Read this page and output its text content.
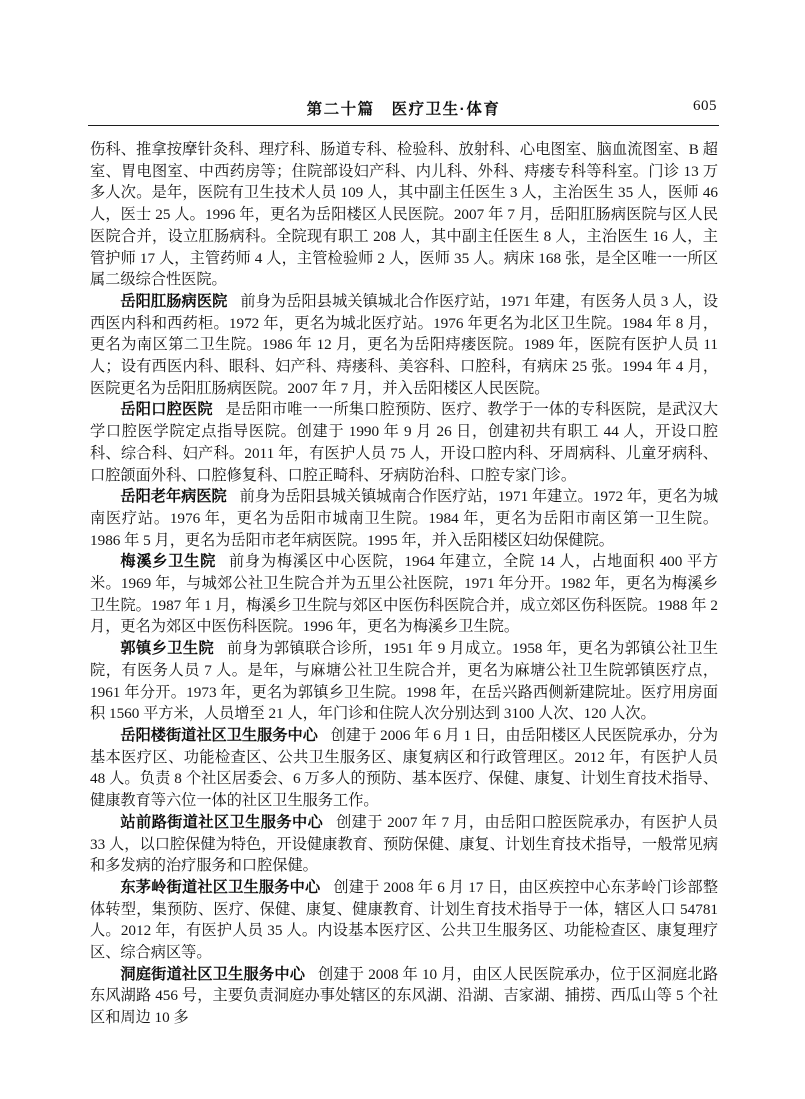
第二十篇　医疗卫生·体育	605

伤科、推拿按摩针灸科、理疗科、肠道专科、检验科、放射科、心电图室、脑血流图室、B 超室、胃电图室、中西药房等；住院部设妇产科、内儿科、外科、痔瘘专科等科室。门诊 13 万多人次。是年，医院有卫生技术人员 109 人，其中副主任医生 3 人，主治医生 35 人，医师 46 人，医士 25 人。1996 年，更名为岳阳楼区人民医院。2007 年 7 月，岳阳肛肠病医院与区人民医院合并，设立肛肠病科。全院现有职工 208 人，其中副主任医生 8 人，主治医生 16 人，主管护师 17 人，主管药师 4 人，主管检验师 2 人，医师 35 人。病床 168 张，是全区唯一一所区属二级综合性医院。

岳阳肛肠病医院 前身为岳阳县城关镇城北合作医疗站，1971 年建，有医务人员 3 人，设西医内科和西药柜。1972 年，更名为城北医疗站。1976 年更名为北区卫生院。1984 年 8 月，更名为南区第二卫生院。1986 年 12 月，更名为岳阳痔瘘医院。1989 年，医院有医护人员 11 人；设有西医内科、眼科、妇产科、痔瘘科、美容科、口腔科，有病床 25 张。1994 年 4 月，医院更名为岳阳肛肠病医院。2007 年 7 月，并入岳阳楼区人民医院。

岳阳口腔医院 是岳阳市唯一一所集口腔预防、医疗、教学于一体的专科医院，是武汉大学口腔医学院定点指导医院。创建于 1990 年 9 月 26 日，创建初共有职工 44 人，开设口腔科、综合科、妇产科。2011 年，有医护人员 75 人，开设口腔内科、牙周病科、儿童牙病科、口腔颌面外科、口腔修复科、口腔正畸科、牙病防治科、口腔专家门诊。

岳阳老年病医院 前身为岳阳县城关镇城南合作医疗站，1971 年建立。1972 年，更名为城南医疗站。1976 年，更名为岳阳市城南卫生院。1984 年，更名为岳阳市南区第一卫生院。1986 年 5 月，更名为岳阳市老年病医院。1995 年，并入岳阳楼区妇幼保健院。

梅溪乡卫生院 前身为梅溪区中心医院，1964 年建立，全院 14 人，占地面积 400 平方米。1969 年，与城郊公社卫生院合并为五里公社医院，1971 年分开。1982 年，更名为梅溪乡卫生院。1987 年 1 月，梅溪乡卫生院与郊区中医伤科医院合并，成立郊区伤科医院。1988 年 2 月，更名为郊区中医伤科医院。1996 年，更名为梅溪乡卫生院。

郭镇乡卫生院 前身为郭镇联合诊所，1951 年 9 月成立。1958 年，更名为郭镇公社卫生院，有医务人员 7 人。是年，与麻塘公社卫生院合并，更名为麻塘公社卫生院郭镇医疗点，1961 年分开。1973 年，更名为郭镇乡卫生院。1998 年，在岳兴路西侧新建院址。医疗用房面积 1560 平方米，人员增至 21 人，年门诊和住院人次分别达到 3100 人次、120 人次。

岳阳楼街道社区卫生服务中心 创建于 2006 年 6 月 1 日，由岳阳楼区人民医院承办，分为基本医疗区、功能检查区、公共卫生服务区、康复病区和行政管理区。2012 年，有医护人员 48 人。负责 8 个社区居委会、6 万多人的预防、基本医疗、保健、康复、计划生育技术指导、健康教育等六位一体的社区卫生服务工作。

站前路街道社区卫生服务中心 创建于 2007 年 7 月，由岳阳口腔医院承办，有医护人员 33 人，以口腔保健为特色，开设健康教育、预防保健、康复、计划生育技术指导，一般常见病和多发病的治疗服务和口腔保健。

东茅岭街道社区卫生服务中心 创建于 2008 年 6 月 17 日，由区疾控中心东茅岭门诊部整体转型，集预防、医疗、保健、康复、健康教育、计划生育技术指导于一体，辖区人口 54781 人。2012 年，有医护人员 35 人。内设基本医疗区、公共卫生服务区、功能检查区、康复理疗区、综合病区等。

洞庭街道社区卫生服务中心 创建于 2008 年 10 月，由区人民医院承办，位于区洞庭北路东风湖路 456 号，主要负责洞庭办事处辖区的东风湖、沿湖、吉家湖、捕捞、西瓜山等 5 个社区和周边 10 多
